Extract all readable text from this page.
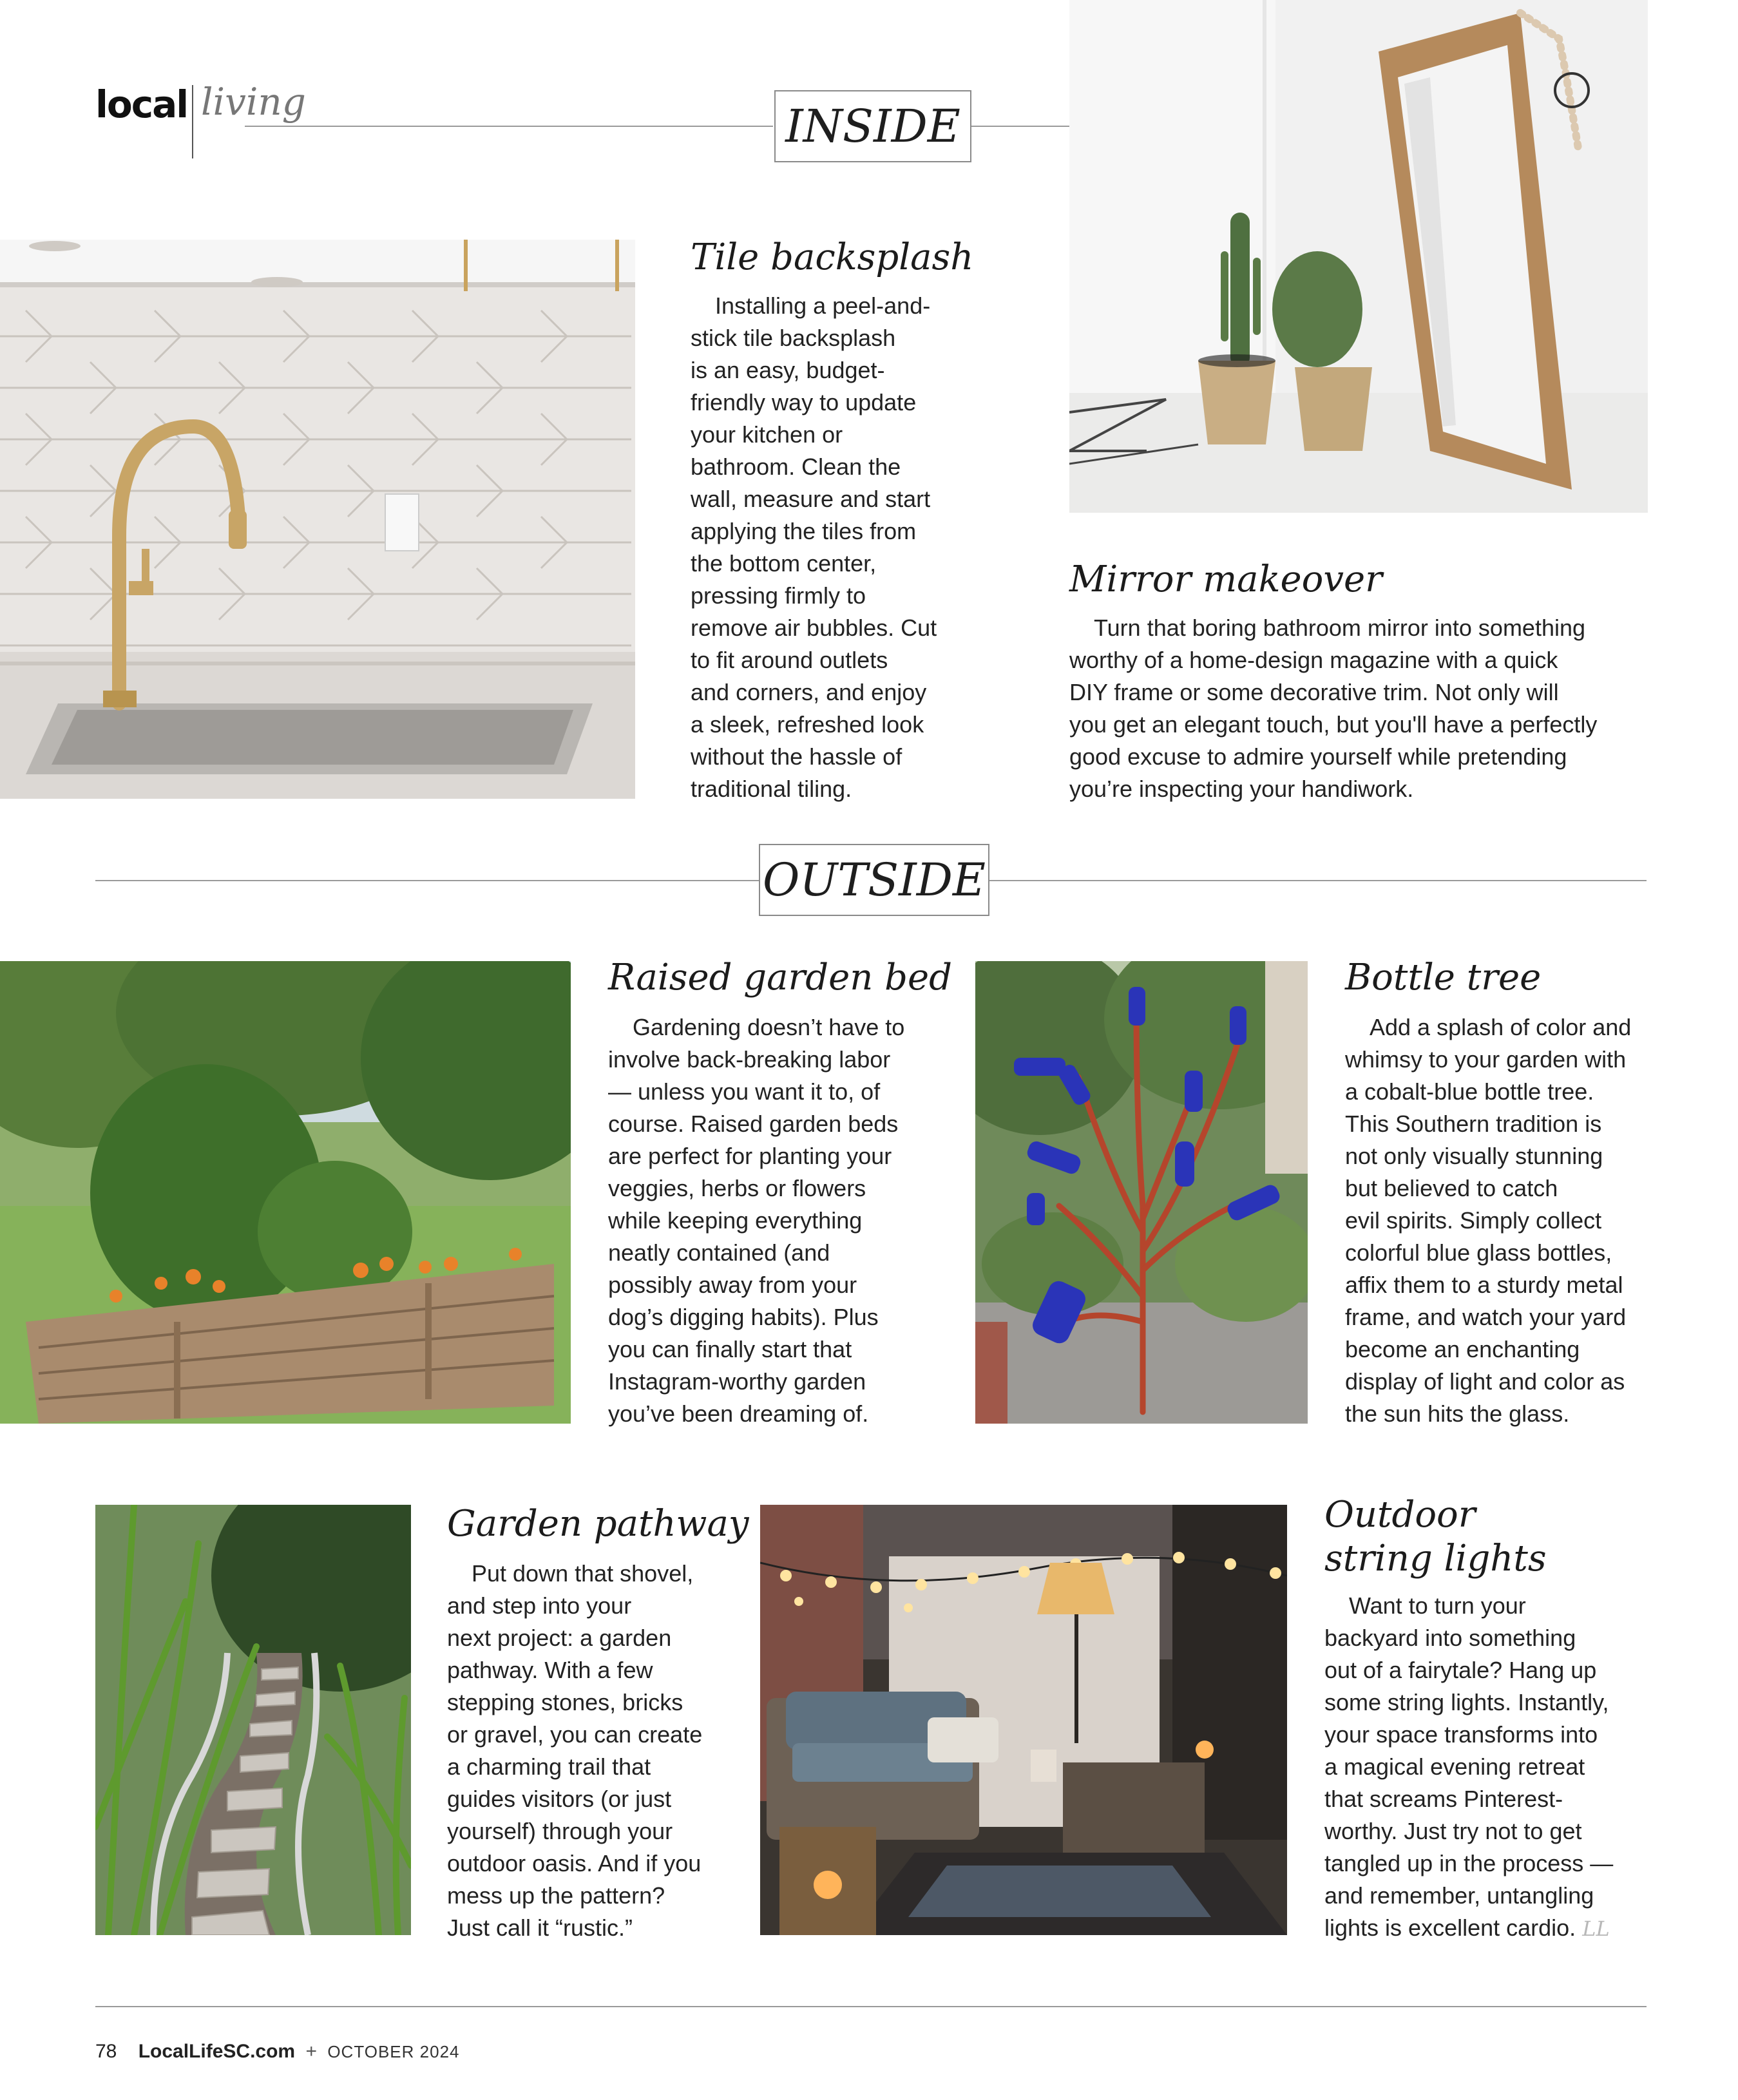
local living	INSIDE
Tile backsplash
Installing a peel-and-
stick tile backsplash
is an easy, budget-
friendly way to update
your kitchen or
bathroom. Clean the
wall, measure and start
applying the tiles from
the bottom center,
pressing firmly to
remove air bubbles. Cut
to fit around outlets
and corners, and enjoy
a sleek, refreshed look
without the hassle of
traditional tiling.
Mirror makeover
Turn that boring bathroom mirror into something
worthy of a home-design magazine with a quick
DIY frame or some decorative trim. Not only will
you get an elegant touch, but you'll have a perfectly
good excuse to admire yourself while pretending
you’re inspecting your handiwork.
OUTSIDE
Raised garden bed
Gardening doesn’t have to
involve back-breaking labor
— unless you want it to, of
course. Raised garden beds
are perfect for planting your
veggies, herbs or flowers
while keeping everything
neatly contained (and
possibly away from your
dog’s digging habits). Plus
you can finally start that
Instagram-worthy garden
you’ve been dreaming of.
Bottle tree
Add a splash of color and
whimsy to your garden with
a cobalt-blue bottle tree.
This Southern tradition is
not only visually stunning
but believed to catch
evil spirits. Simply collect
colorful blue glass bottles,
affix them to a sturdy metal
frame, and watch your yard
become an enchanting
display of light and color as
the sun hits the glass.
Garden pathway
Put down that shovel,
and step into your
next project: a garden
pathway. With a few
stepping stones, bricks
or gravel, you can create
a charming trail that
guides visitors (or just
yourself) through your
outdoor oasis. And if you
mess up the pattern?
Just call it “rustic.”
Outdoor
string lights
Want to turn your
backyard into something
out of a fairytale? Hang up
some string lights. Instantly,
your space transforms into
a magical evening retreat
that screams Pinterest-
worthy. Just try not to get
tangled up in the process —
and remember, untangling
lights is excellent cardio. LL
78 LocalLifeSC.com + OCTOBER 2024
